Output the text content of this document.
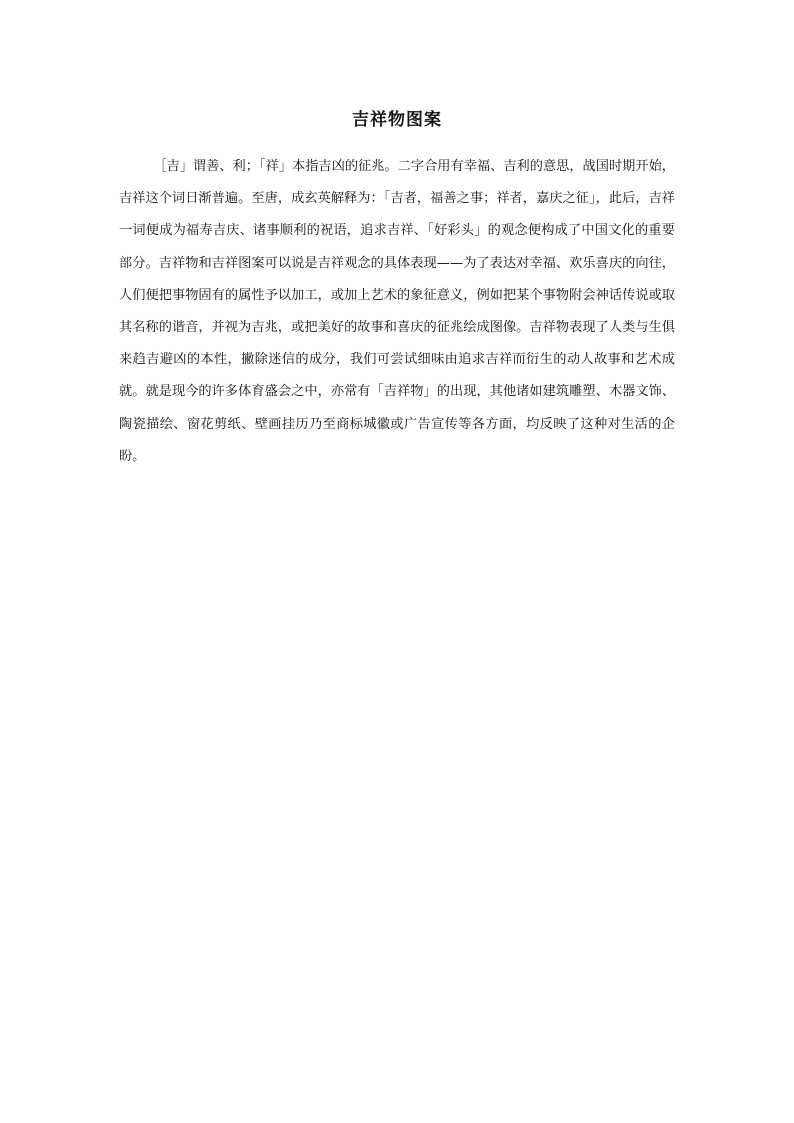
吉祥物图案

［吉」谓善、利；「祥」本指吉凶的征兆。二字合用有幸福、吉利的意思，战国时期开始，吉祥这个词日渐普遍。至唐，成玄英解释为：「吉者，福善之事；祥者，嘉庆之征」，此后，吉祥一词便成为福寿吉庆、诸事顺利的祝语，追求吉祥、「好彩头」的观念便构成了中国文化的重要部分。吉祥物和吉祥图案可以说是吉祥观念的具体表现——为了表达对幸福、欢乐喜庆的向往，人们便把事物固有的属性予以加工，或加上艺术的象征意义，例如把某个事物附会神话传说或取其名称的谐音，并视为吉兆，或把美好的故事和喜庆的征兆绘成图像。吉祥物表现了人类与生俱来趋吉避凶的本性，撇除迷信的成分，我们可尝试细味由追求吉祥而衍生的动人故事和艺术成就。就是现今的许多体育盛会之中，亦常有「吉祥物」的出现，其他诸如建筑雕塑、木器文饰、陶瓷描绘、窗花剪纸、壁画挂历乃至商标城徽或广告宣传等各方面，均反映了这种对生活的企盼。
